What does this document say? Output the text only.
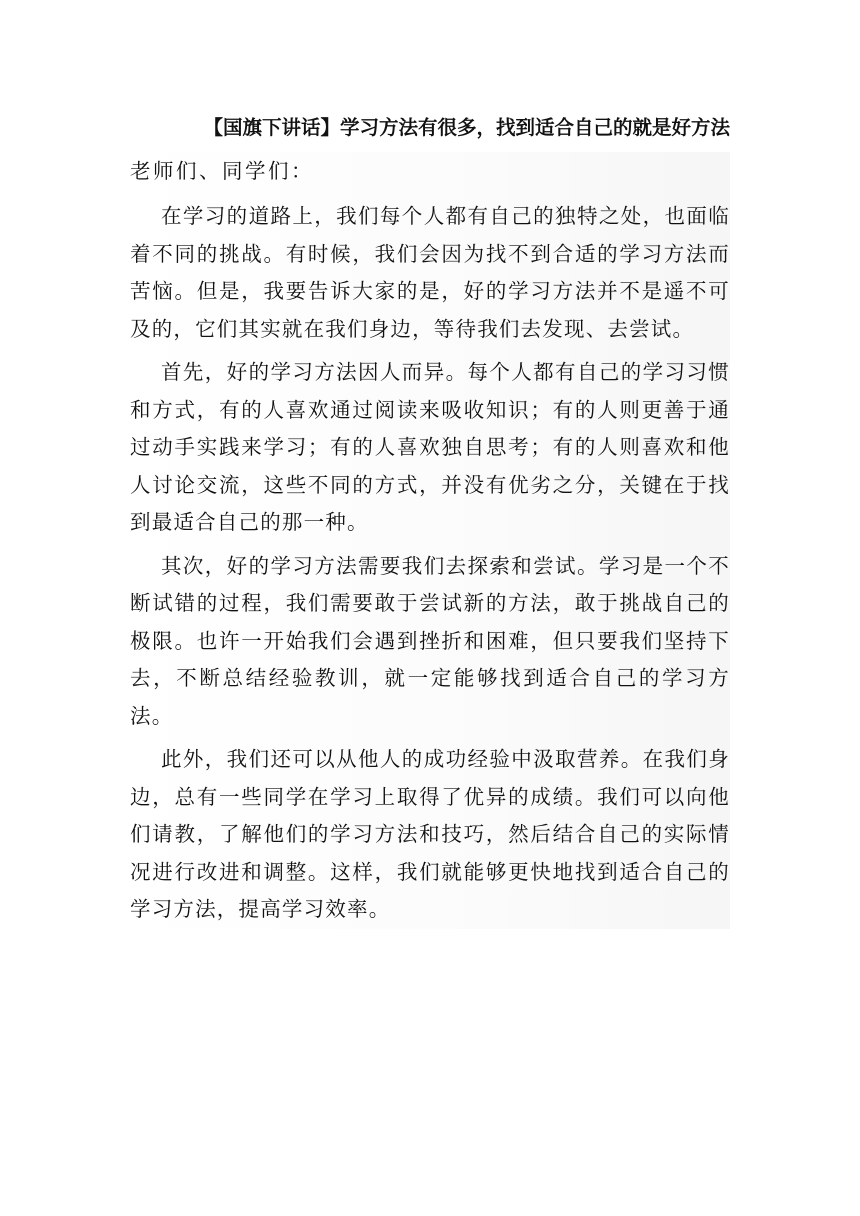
【国旗下讲话】学习方法有很多，找到适合自己的就是好方法

老师们、同学们：

在学习的道路上，我们每个人都有自己的独特之处，也面临着不同的挑战。有时候，我们会因为找不到合适的学习方法而苦恼。但是，我要告诉大家的是，好的学习方法并不是遥不可及的，它们其实就在我们身边，等待我们去发现、去尝试。

首先，好的学习方法因人而异。每个人都有自己的学习习惯和方式，有的人喜欢通过阅读来吸收知识；有的人则更善于通过动手实践来学习；有的人喜欢独自思考；有的人则喜欢和他人讨论交流，这些不同的方式，并没有优劣之分，关键在于找到最适合自己的那一种。

其次，好的学习方法需要我们去探索和尝试。学习是一个不断试错的过程，我们需要敢于尝试新的方法，敢于挑战自己的极限。也许一开始我们会遇到挫折和困难，但只要我们坚持下去，不断总结经验教训，就一定能够找到适合自己的学习方法。

此外，我们还可以从他人的成功经验中汲取营养。在我们身边，总有一些同学在学习上取得了优异的成绩。我们可以向他们请教，了解他们的学习方法和技巧，然后结合自己的实际情况进行改进和调整。这样，我们就能够更快地找到适合自己的学习方法，提高学习效率。
